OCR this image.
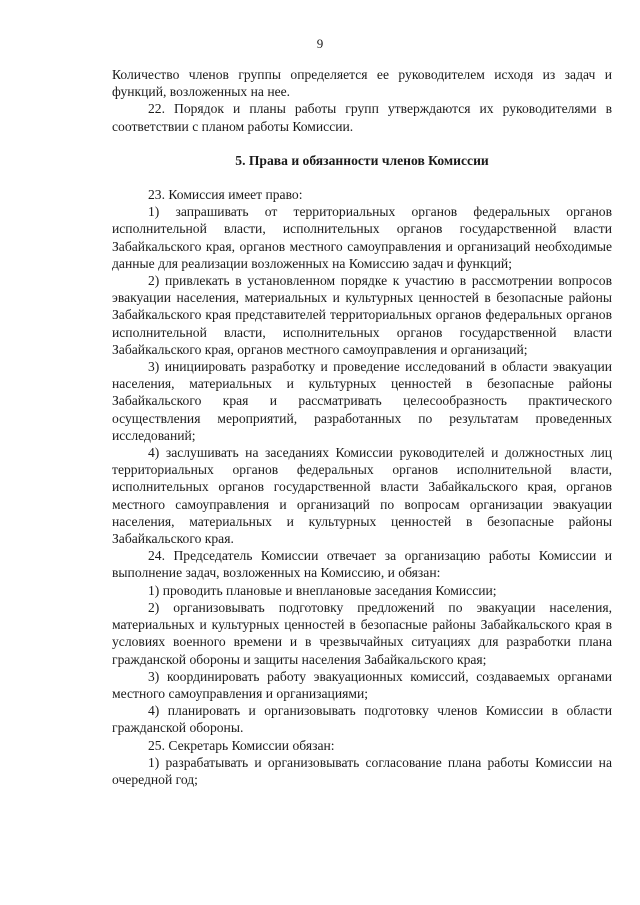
9

Количество членов группы определяется ее руководителем исходя из задач и функций, возложенных на нее.

22. Порядок и планы работы групп утверждаются их руководителями в соответствии с планом работы Комиссии.

5. Права и обязанности членов Комиссии

23. Комиссия имеет право:

1) запрашивать от территориальных органов федеральных органов исполнительной власти, исполнительных органов государственной власти Забайкальского края, органов местного самоуправления и организаций необходимые данные для реализации возложенных на Комиссию задач и функций;

2) привлекать в установленном порядке к участию в рассмотрении вопросов эвакуации населения, материальных и культурных ценностей в безопасные районы Забайкальского края представителей территориальных органов федеральных органов исполнительной власти, исполнительных органов государственной власти Забайкальского края, органов местного самоуправления и организаций;

3) инициировать разработку и проведение исследований в области эвакуации населения, материальных и культурных ценностей в безопасные районы Забайкальского края и рассматривать целесообразность практического осуществления мероприятий, разработанных по результатам проведенных исследований;

4) заслушивать на заседаниях Комиссии руководителей и должностных лиц территориальных органов федеральных органов исполнительной власти, исполнительных органов государственной власти Забайкальского края, органов местного самоуправления и организаций по вопросам организации эвакуации населения, материальных и культурных ценностей в безопасные районы Забайкальского края.

24. Председатель Комиссии отвечает за организацию работы Комиссии и выполнение задач, возложенных на Комиссию, и обязан:

1) проводить плановые и внеплановые заседания Комиссии;

2) организовывать подготовку предложений по эвакуации населения, материальных и культурных ценностей в безопасные районы Забайкальского края в условиях военного времени и в чрезвычайных ситуациях для разработки плана гражданской обороны и защиты населения Забайкальского края;

3) координировать работу эвакуационных комиссий, создаваемых органами местного самоуправления и организациями;

4) планировать и организовывать подготовку членов Комиссии в области гражданской обороны.

25. Секретарь Комиссии обязан:

1) разрабатывать и организовывать согласование плана работы Комиссии на очередной год;
